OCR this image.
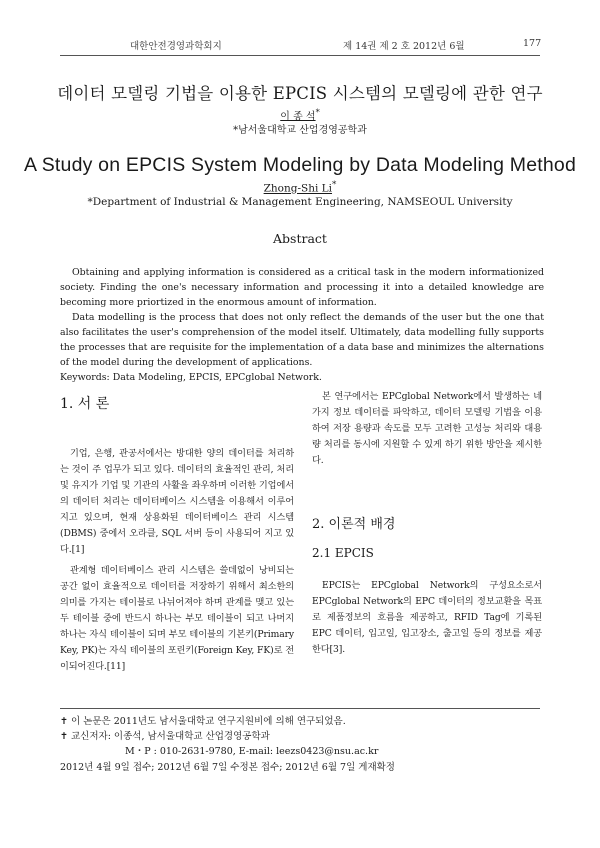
대한안전경영과학회지	제 14권 제 2 호 2012년 6월	177
데이터 모델링 기법을 이용한 EPCIS 시스템의 모델링에 관한 연구
이 종 석*
*남서울대학교 산업경영공학과
A Study on EPCIS System Modeling by Data Modeling Method
Zhong-Shi Li*
*Department of Industrial & Management Engineering, NAMSEOUL University
Abstract

Obtaining and applying information is considered as a critical task in the modern informationized society. Finding the one's necessary information and processing it into a detailed knowledge are becoming more priortized in the enormous amount of information.

Data modelling is the process that does not only reflect the demands of the user but the one that also facilitates the user's comprehension of the model itself. Ultimately, data modelling fully supports the processes that are requisite for the implementation of a data base and minimizes the alternations of the model during the development of applications.

Keywords: Data Modeling, EPCIS, EPCglobal Network.

1. 서 론

기업, 은행, 관공서에서는 방대한 양의 데이터를 처리하는 것이 주 업무가 되고 있다. 데이터의 효율적인 관리, 처리 및 유지가 기업 및 기관의 사활을 좌우하며 이러한 기업에서의 데이터 처리는 데이터베이스 시스템을 이용해서 이루어지고 있으며, 현재 상용화된 데이터베이스 관리 시스템(DBMS) 중에서 오라클, SQL 서버 등이 사용되어 지고 있다.[1]

관계형 데이터베이스 관리 시스템은 쓸데없이 낭비되는 공간 없이 효율적으로 데이터를 저장하기 위해서 최소한의 의미를 가지는 테이블로 나뉘어져야 하며 관계를 맺고 있는 두 테이블 중에 반드시 하나는 부모 테이블이 되고 나머지 하나는 자식 테이블이 되며 부모 테이블의 기본키(Primary Key, PK)는 자식 테이블의 포린키(Foreign Key, FK)로 전이되어진다.[11]

본 연구에서는 EPCglobal Network에서 발생하는 네 가지 정보 데이터를 파악하고, 데이터 모델링 기법을 이용하여 저장 용량과 속도를 모두 고려한 고성능 처리와 대용량 처리를 동시에 지원할 수 있게 하기 위한 방안을 제시한다.

2. 이론적 배경
2.1 EPCIS

EPCIS는 EPCglobal Network의 구성요소로서 EPCglobal Network의 EPC 데이터의 정보교환을 목표로 제품정보의 흐름을 제공하고, RFID Tag에 기록된 EPC 데이터, 입고일, 입고장소, 출고일 등의 정보를 제공한다[3].

✝ 이 논문은 2011년도 남서울대학교 연구지원비에 의해 연구되었음.
✝ 교신저자: 이종석, 남서울대학교 산업경영공학과
M・P : 010-2631-9780, E-mail: leezs0423@nsu.ac.kr
2012년 4월 9일 접수; 2012년 6월 7일 수정본 접수; 2012년 6월 7일 게재확정
